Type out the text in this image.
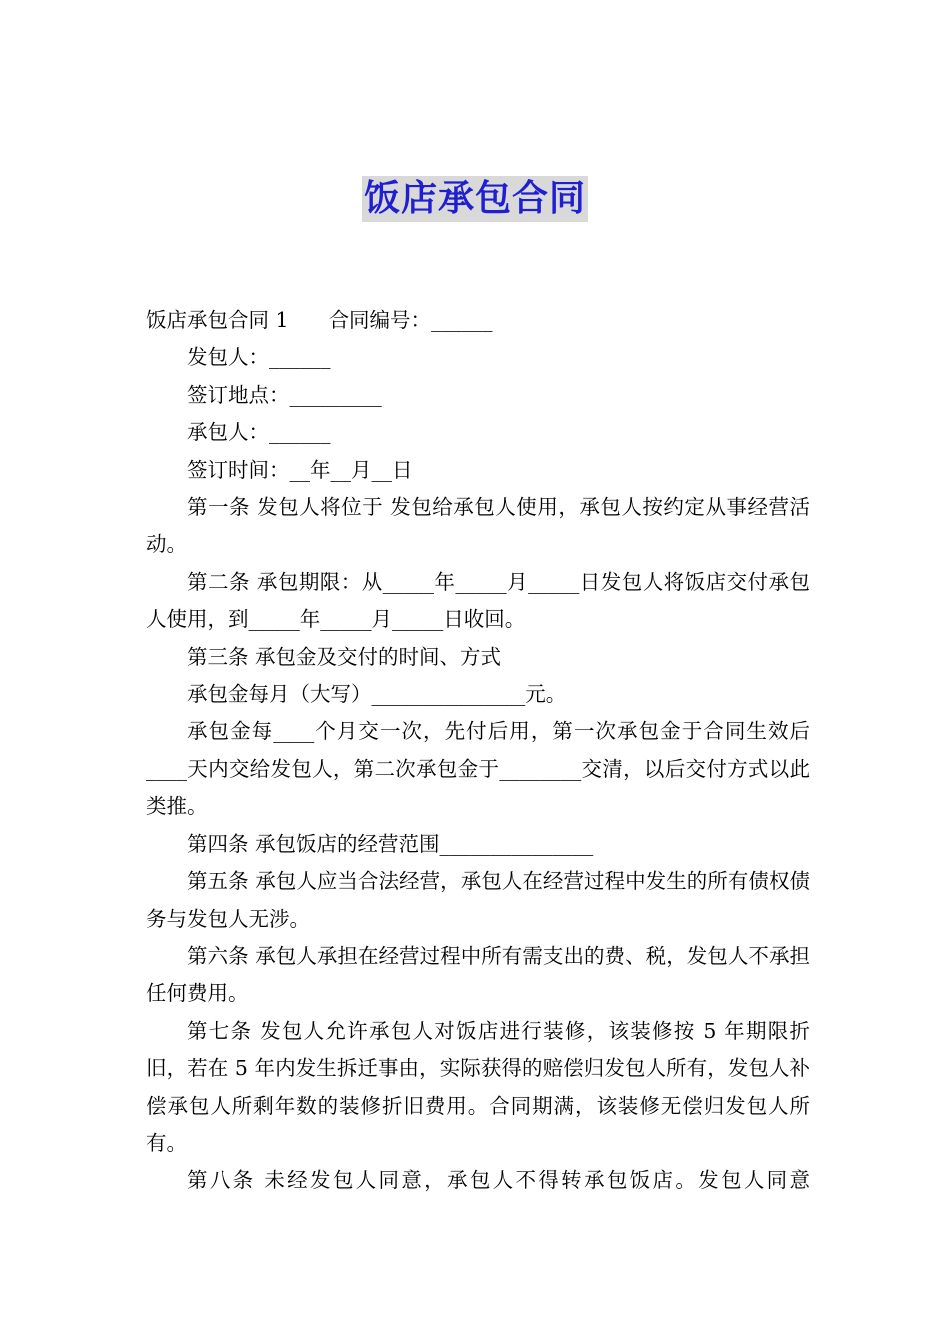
饭店承包合同

饭店承包合同 1 合同编号：______

发包人：______

签订地点：_________

承包人：______

签订时间：__年__月__日

第一条 发包人将位于 发包给承包人使用，承包人按约定从事经营活动。

第二条 承包期限：从_____年_____月_____日发包人将饭店交付承包人使用，到_____年_____月_____日收回。

第三条 承包金及交付的时间、方式

承包金每月（大写）_______________元。

承包金每____个月交一次，先付后用，第一次承包金于合同生效后____天内交给发包人，第二次承包金于________交清，以后交付方式以此类推。

第四条 承包饭店的经营范围_______________

第五条 承包人应当合法经营，承包人在经营过程中发生的所有债权债务与发包人无涉。

第六条 承包人承担在经营过程中所有需支出的费、税，发包人不承担任何费用。

第七条 发包人允许承包人对饭店进行装修，该装修按 5 年期限折旧，若在 5 年内发生拆迁事由，实际获得的赔偿归发包人所有，发包人补偿承包人所剩年数的装修折旧费用。合同期满，该装修无偿归发包人所有。

第八条 未经发包人同意，承包人不得转承包饭店。发包人同意
